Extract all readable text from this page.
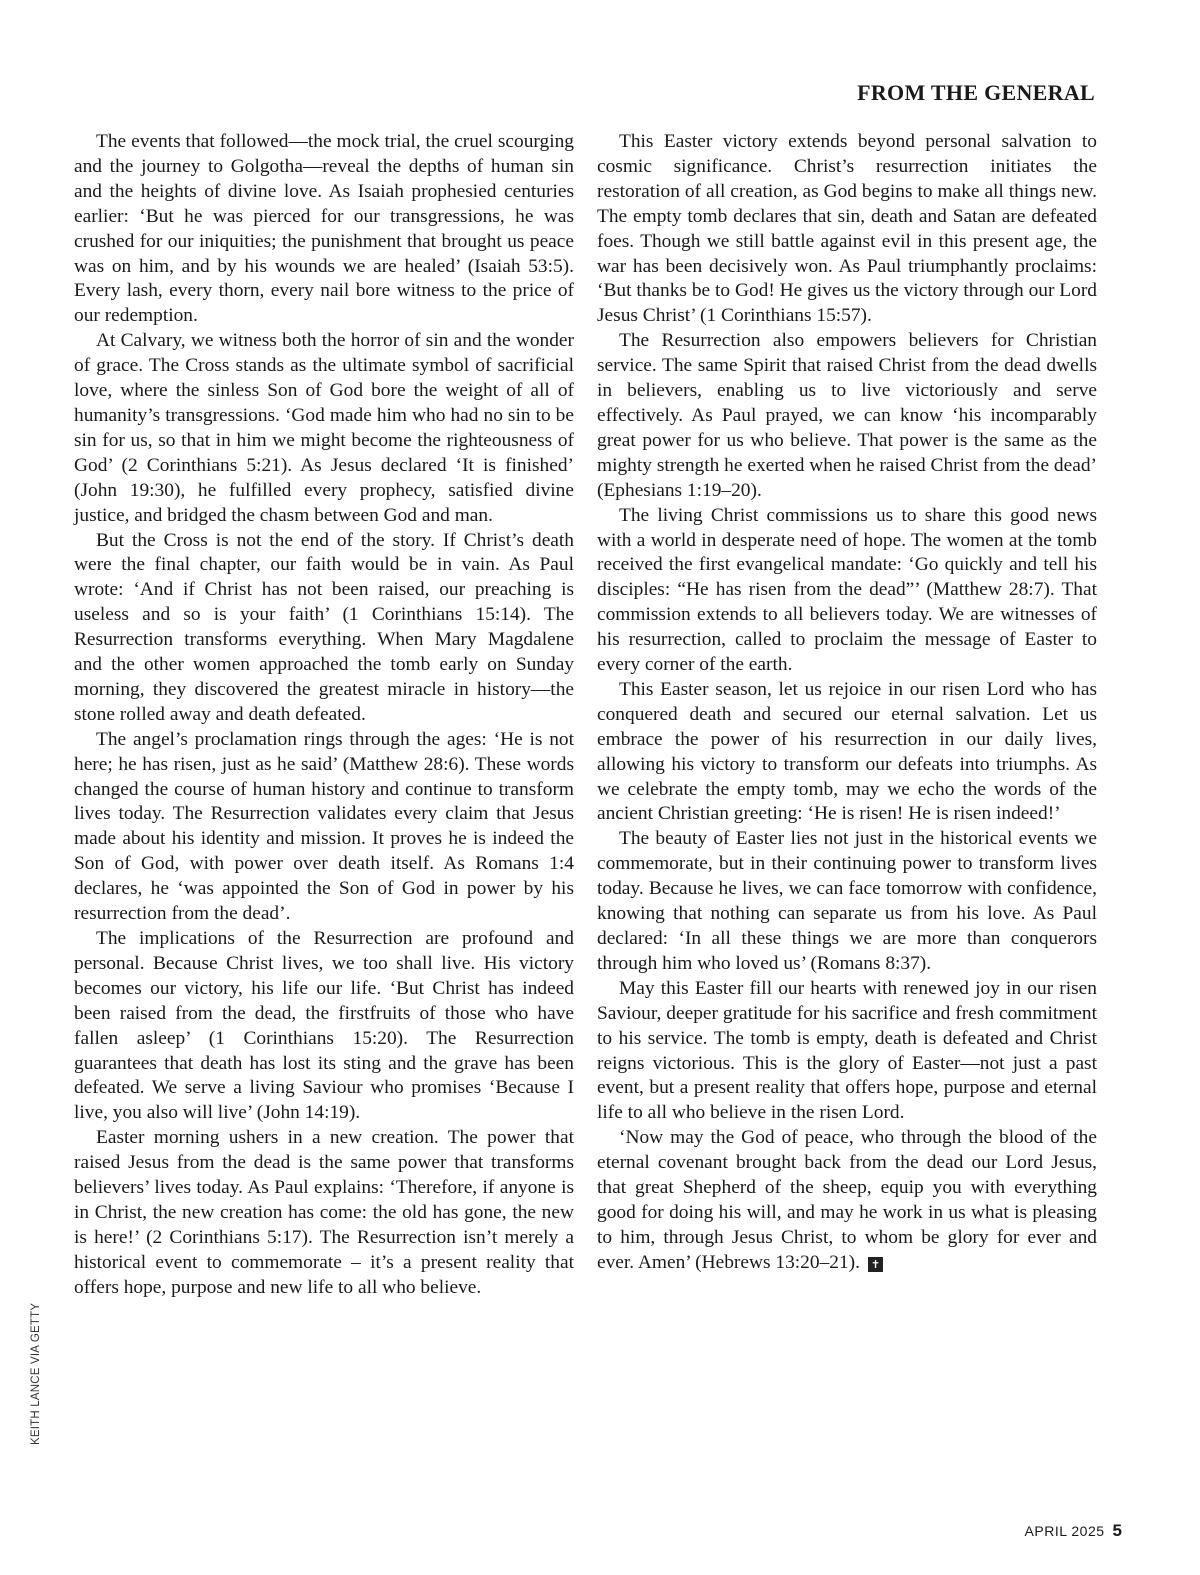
FROM THE GENERAL

The events that followed—the mock trial, the cruel scourging and the journey to Golgotha—reveal the depths of human sin and the heights of divine love. As Isaiah prophesied centuries earlier: ‘But he was pierced for our transgressions, he was crushed for our iniquities; the punishment that brought us peace was on him, and by his wounds we are healed’ (Isaiah 53:5). Every lash, every thorn, every nail bore witness to the price of our redemption.

At Calvary, we witness both the horror of sin and the wonder of grace. The Cross stands as the ultimate symbol of sacrificial love, where the sinless Son of God bore the weight of all of humanity’s transgressions. ‘God made him who had no sin to be sin for us, so that in him we might become the righteousness of God’ (2 Corinthians 5:21). As Jesus declared ‘It is finished’ (John 19:30), he fulfilled every prophecy, satisfied divine justice, and bridged the chasm between God and man.

But the Cross is not the end of the story. If Christ’s death were the final chapter, our faith would be in vain. As Paul wrote: ‘And if Christ has not been raised, our preaching is useless and so is your faith’ (1 Corinthians 15:14). The Resurrection transforms everything. When Mary Magdalene and the other women approached the tomb early on Sunday morning, they discovered the greatest miracle in history—the stone rolled away and death defeated.

The angel’s proclamation rings through the ages: ‘He is not here; he has risen, just as he said’ (Matthew 28:6). These words changed the course of human history and continue to transform lives today. The Resurrection validates every claim that Jesus made about his identity and mission. It proves he is indeed the Son of God, with power over death itself. As Romans 1:4 declares, he ‘was appointed the Son of God in power by his resurrection from the dead’.

The implications of the Resurrection are profound and personal. Because Christ lives, we too shall live. His victory becomes our victory, his life our life. ‘But Christ has indeed been raised from the dead, the firstfruits of those who have fallen asleep’ (1 Corinthians 15:20). The Resurrection guarantees that death has lost its sting and the grave has been defeated. We serve a living Saviour who promises ‘Because I live, you also will live’ (John 14:19).

Easter morning ushers in a new creation. The power that raised Jesus from the dead is the same power that transforms believers’ lives today. As Paul explains: ‘Therefore, if anyone is in Christ, the new creation has come: the old has gone, the new is here!’ (2 Corinthians 5:17). The Resurrection isn’t merely a historical event to commemorate – it’s a present reality that offers hope, purpose and new life to all who believe.

This Easter victory extends beyond personal salvation to cosmic significance. Christ’s resurrection initiates the restoration of all creation, as God begins to make all things new. The empty tomb declares that sin, death and Satan are defeated foes. Though we still battle against evil in this present age, the war has been decisively won. As Paul triumphantly proclaims: ‘But thanks be to God! He gives us the victory through our Lord Jesus Christ’ (1 Corinthians 15:57).

The Resurrection also empowers believers for Christian service. The same Spirit that raised Christ from the dead dwells in believers, enabling us to live victoriously and serve effectively. As Paul prayed, we can know ‘his incomparably great power for us who believe. That power is the same as the mighty strength he exerted when he raised Christ from the dead’ (Ephesians 1:19–20).

The living Christ commissions us to share this good news with a world in desperate need of hope. The women at the tomb received the first evangelical mandate: ‘Go quickly and tell his disciples: “He has risen from the dead”’ (Matthew 28:7). That commission extends to all believers today. We are witnesses of his resurrection, called to proclaim the message of Easter to every corner of the earth.

This Easter season, let us rejoice in our risen Lord who has conquered death and secured our eternal salvation. Let us embrace the power of his resurrection in our daily lives, allowing his victory to transform our defeats into triumphs. As we celebrate the empty tomb, may we echo the words of the ancient Christian greeting: ‘He is risen! He is risen indeed!’

The beauty of Easter lies not just in the historical events we commemorate, but in their continuing power to transform lives today. Because he lives, we can face tomorrow with confidence, knowing that nothing can separate us from his love. As Paul declared: ‘In all these things we are more than conquerors through him who loved us’ (Romans 8:37).

May this Easter fill our hearts with renewed joy in our risen Saviour, deeper gratitude for his sacrifice and fresh commitment to his service. The tomb is empty, death is defeated and Christ reigns victorious. This is the glory of Easter—not just a past event, but a present reality that offers hope, purpose and eternal life to all who believe in the risen Lord.

‘Now may the God of peace, who through the blood of the eternal covenant brought back from the dead our Lord Jesus, that great Shepherd of the sheep, equip you with everything good for doing his will, and may he work in us what is pleasing to him, through Jesus Christ, to whom be glory for ever and ever. Amen’ (Hebrews 13:20–21). ✝

KEITH LANCE VIA GETTY
APRIL 2025 5
